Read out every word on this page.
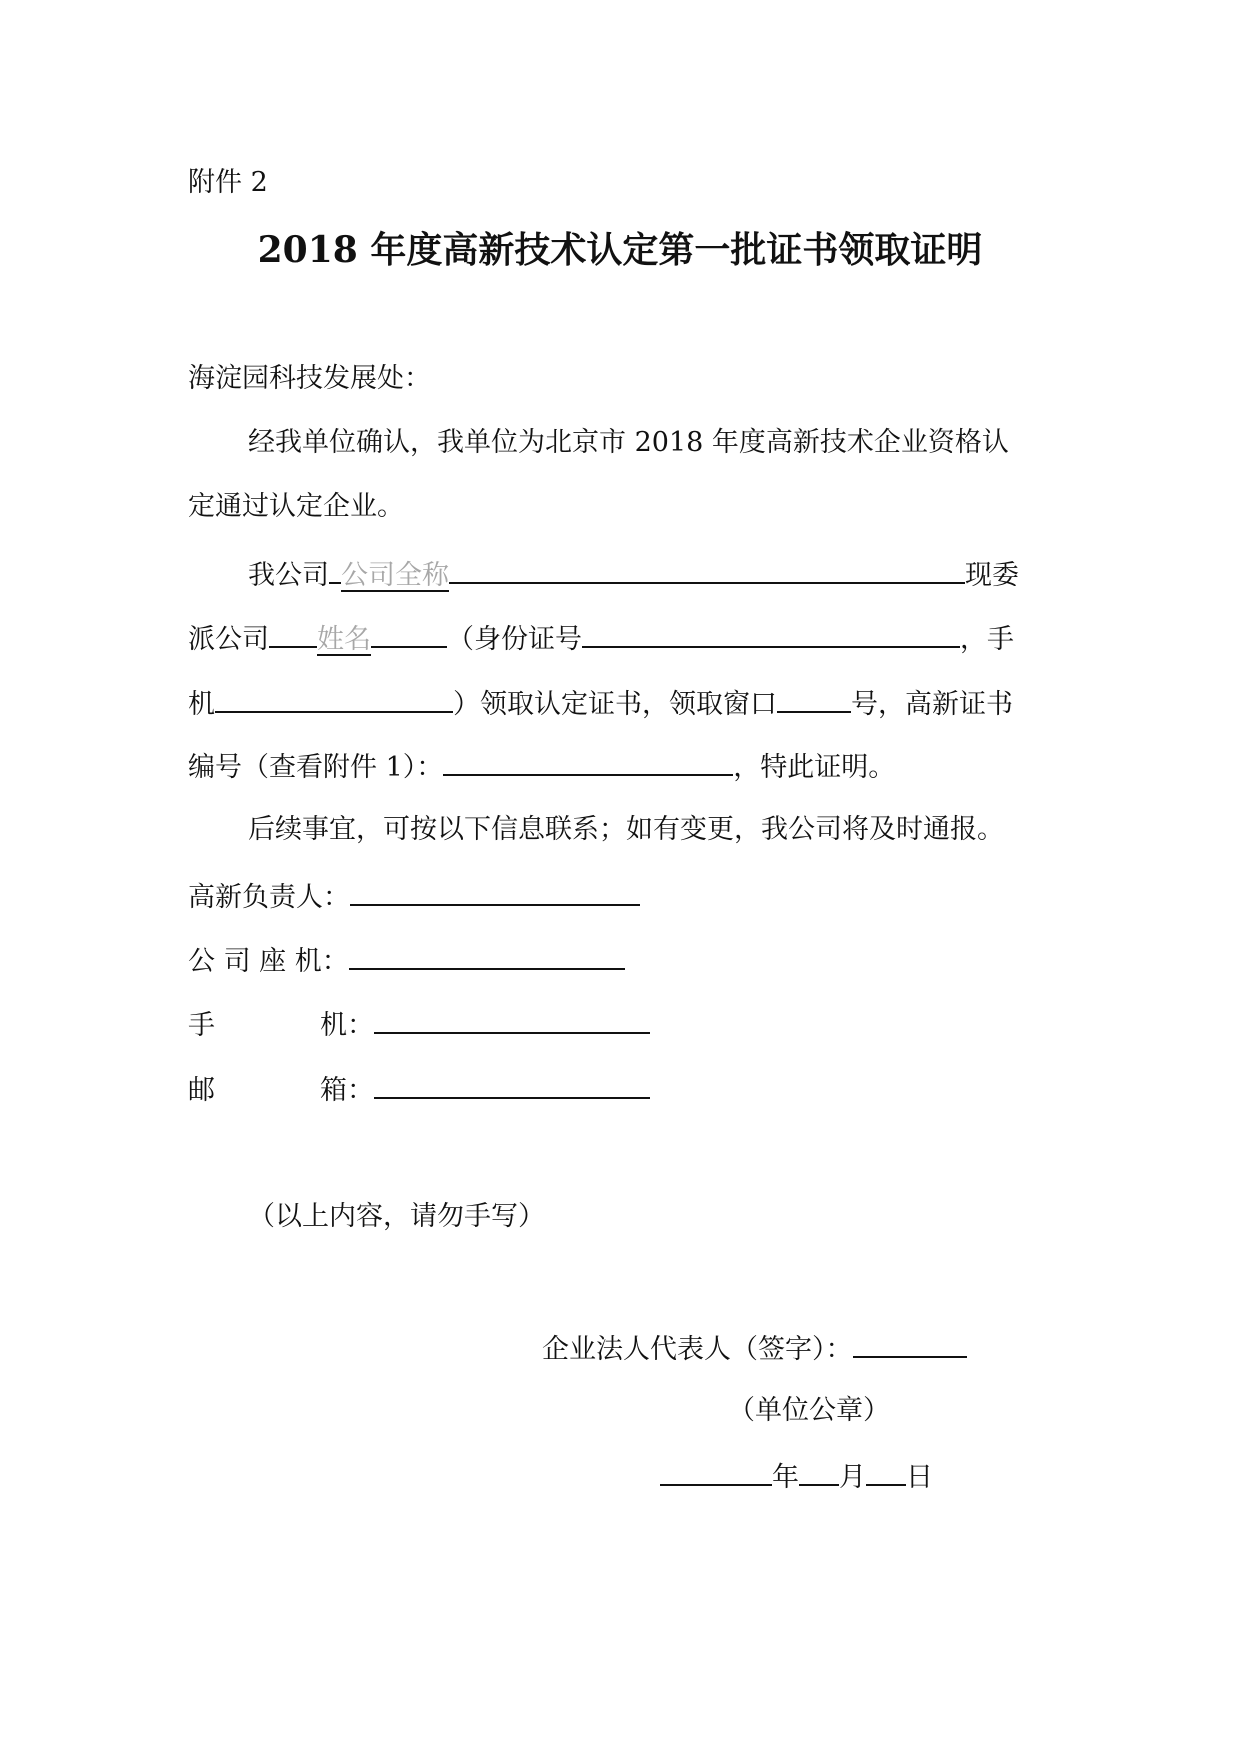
附件 2
2018 年度高新技术认定第一批证书领取证明
海淀园科技发展处：
经我单位确认，我单位为北京市 2018 年度高新技术企业资格认
定通过认定企业。
我公司 公司全称	现委
派公司 姓名	（身份证号	，手
机	）领取认定证书，领取窗口	号，高新证书
编号（查看附件 1）：	，特此证明。
后续事宜，可按以下信息联系；如有变更，我公司将及时通报。
高新负责人：
公 司 座 机：
手	机：
邮	箱：
（以上内容，请勿手写）
企业法人代表人（签字）：
（单位公章）
年 月 日
